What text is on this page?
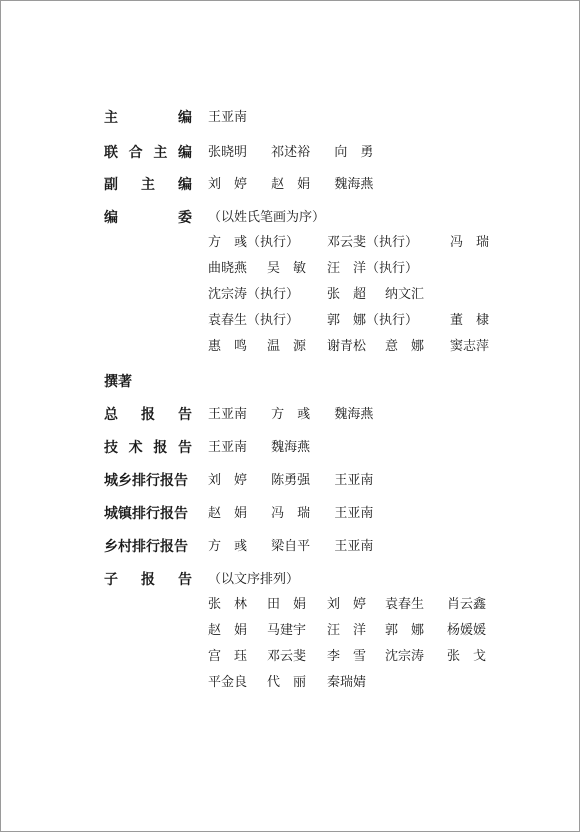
主	编 王亚南
联 合 主 编 张晓明 祁述裕 向　勇
副 主 编 刘　婷 赵　娟 魏海燕
编	委 （以姓氏笔画为序）
方　彧（执行） 邓云斐（执行） 冯　瑞
曲晓燕 吴　敏 汪　洋（执行）
沈宗涛（执行） 张　超 纳文汇
袁春生（执行） 郭　娜（执行） 董　棣
惠　鸣 温　源 谢青松 意　娜 窦志萍
撰著
总 报 告 王亚南 方　彧 魏海燕
技 术 报 告 王亚南 魏海燕
城乡排行报告 刘　婷 陈勇强 王亚南
城镇排行报告 赵　娟 冯　瑞 王亚南
乡村排行报告 方　彧 梁自平 王亚南
子 报 告 （以文序排列）
张　林 田　娟 刘　婷 袁春生 肖云鑫
赵　娟 马建宇 汪　洋 郭　娜 杨媛媛
宫　珏 邓云斐 李　雪 沈宗涛 张　戈
平金良 代　丽 秦瑞婧
